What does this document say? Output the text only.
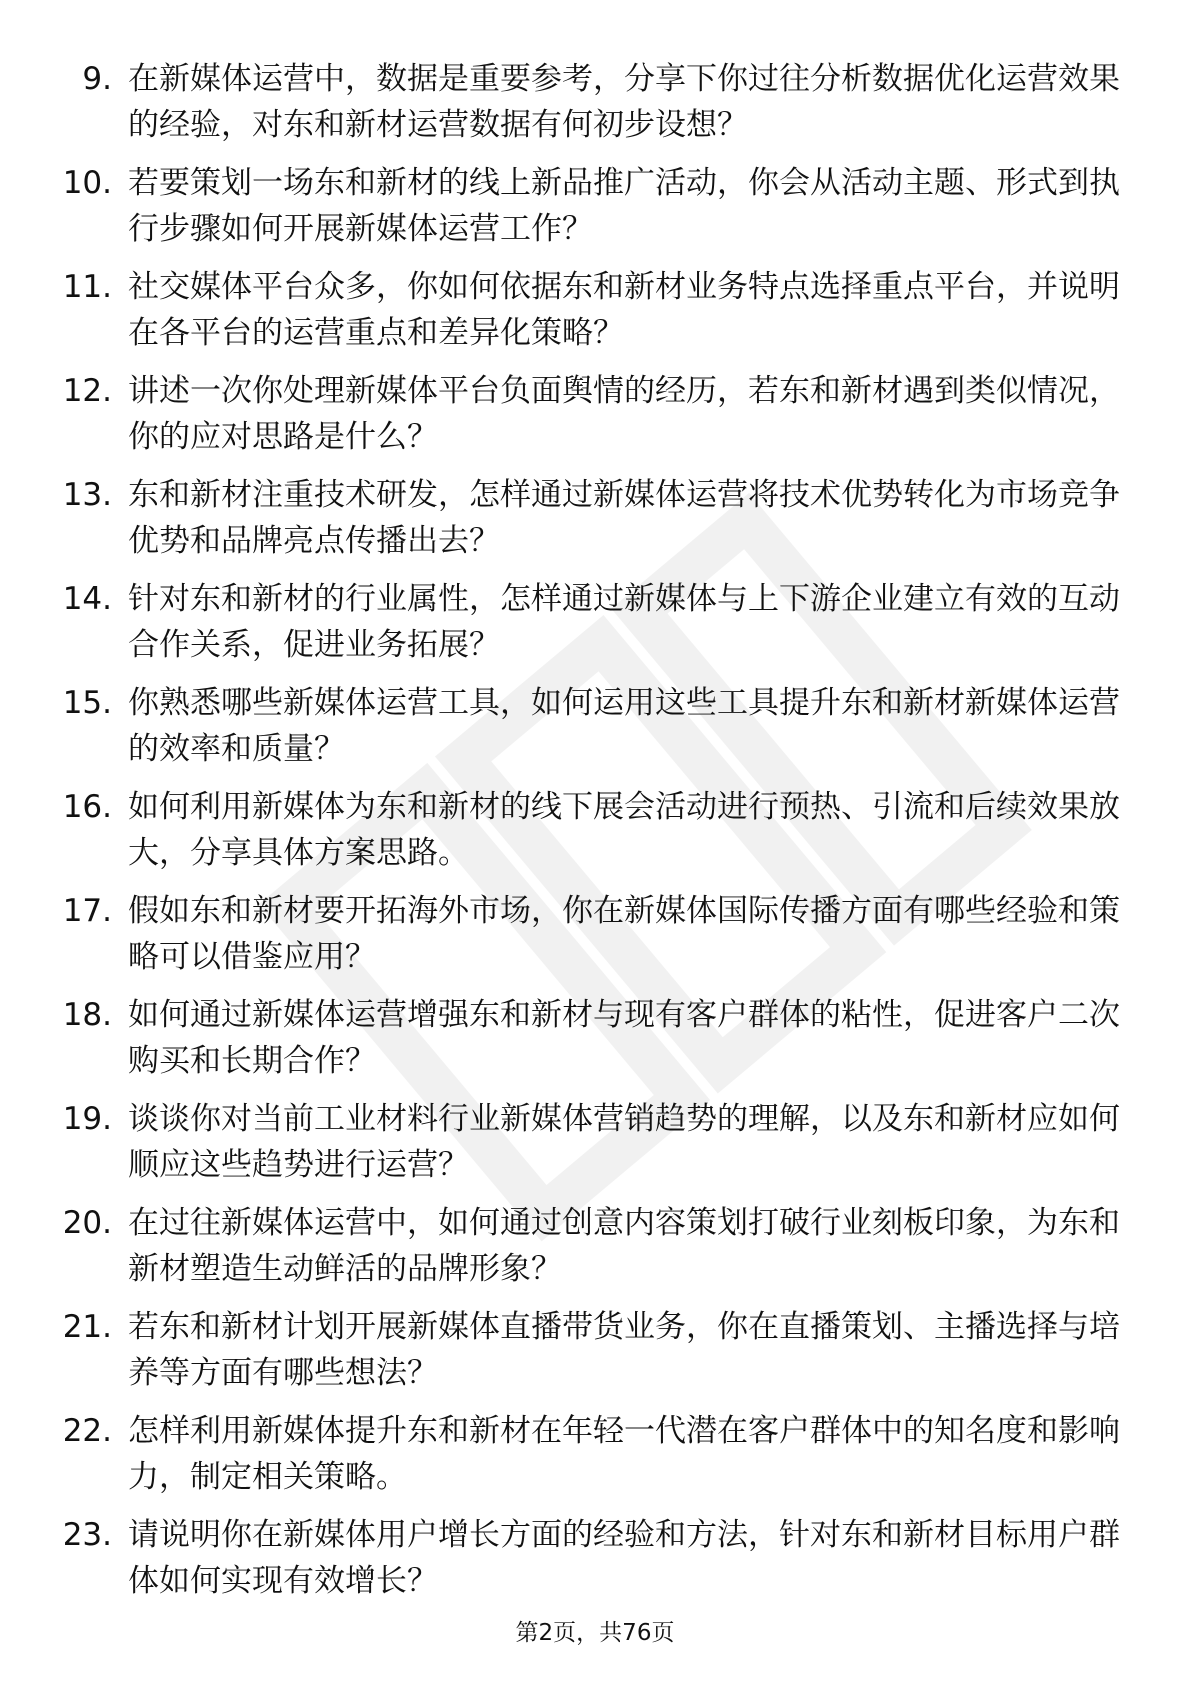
9. 在新媒体运营中，数据是重要参考，分享下你过往分析数据优化运营效果的经验，对东和新材运营数据有何初步设想？
10. 若要策划一场东和新材的线上新品推广活动，你会从活动主题、形式到执行步骤如何开展新媒体运营工作？
11. 社交媒体平台众多，你如何依据东和新材业务特点选择重点平台，并说明在各平台的运营重点和差异化策略？
12. 讲述一次你处理新媒体平台负面舆情的经历，若东和新材遇到类似情况，你的应对思路是什么？
13. 东和新材注重技术研发，怎样通过新媒体运营将技术优势转化为市场竞争优势和品牌亮点传播出去？
14. 针对东和新材的行业属性，怎样通过新媒体与上下游企业建立有效的互动合作关系，促进业务拓展？
15. 你熟悉哪些新媒体运营工具，如何运用这些工具提升东和新材新媒体运营的效率和质量？
16. 如何利用新媒体为东和新材的线下展会活动进行预热、引流和后续效果放大，分享具体方案思路。
17. 假如东和新材要开拓海外市场，你在新媒体国际传播方面有哪些经验和策略可以借鉴应用？
18. 如何通过新媒体运营增强东和新材与现有客户群体的粘性，促进客户二次购买和长期合作？
19. 谈谈你对当前工业材料行业新媒体营销趋势的理解，以及东和新材应如何顺应这些趋势进行运营？
20. 在过往新媒体运营中，如何通过创意内容策划打破行业刻板印象，为东和新材塑造生动鲜活的品牌形象？
21. 若东和新材计划开展新媒体直播带货业务，你在直播策划、主播选择与培养等方面有哪些想法？
22. 怎样利用新媒体提升东和新材在年轻一代潜在客户群体中的知名度和影响力，制定相关策略。
23. 请说明你在新媒体用户增长方面的经验和方法，针对东和新材目标用户群体如何实现有效增长？
第2页，共76页
